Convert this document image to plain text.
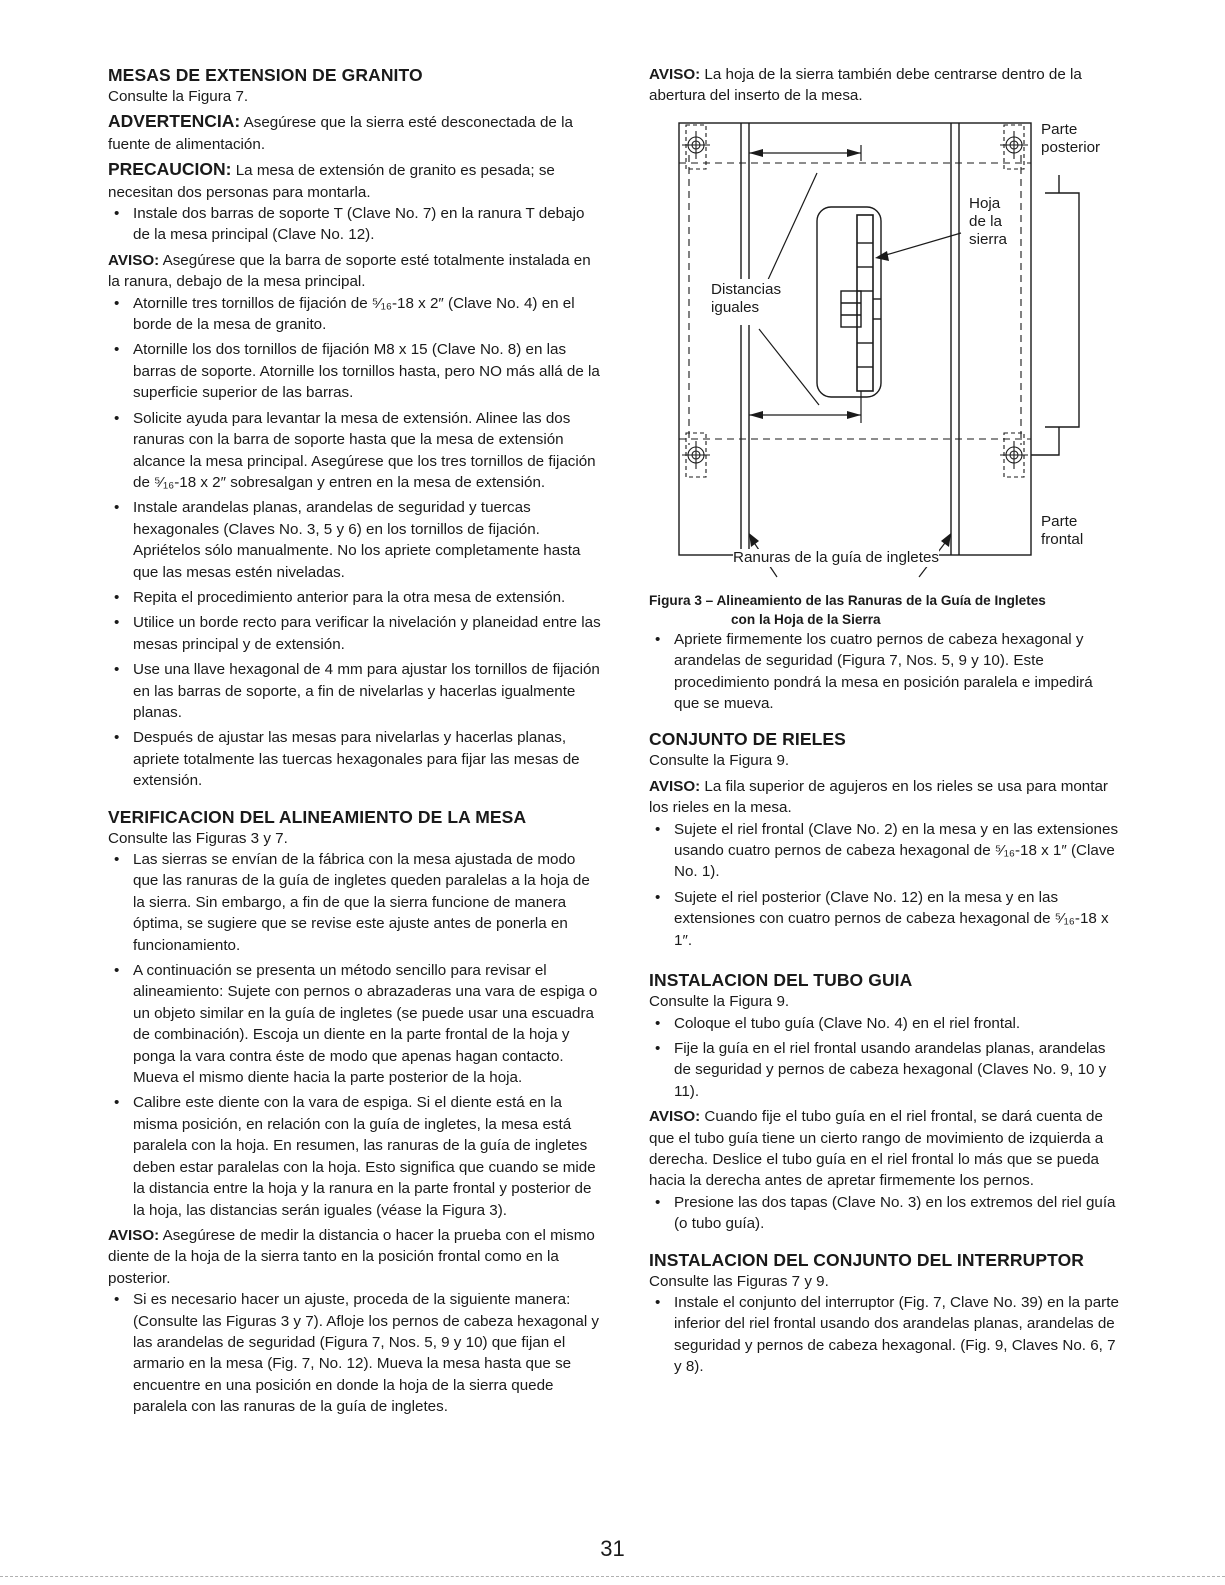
MESAS DE EXTENSION DE GRANITO

Consulte la Figura 7.

ADVERTENCIA: Asegúrese que la sierra esté desconectada de la fuente de alimentación.

PRECAUCION: La mesa de extensión de granito es pesada; se necesitan dos personas para montarla.

• Instale dos barras de soporte T (Clave No. 7) en la ranura T debajo de la mesa principal (Clave No. 12).

AVISO: Asegúrese que la barra de soporte esté totalmente instalada en la ranura, debajo de la mesa principal.

• Atornille tres tornillos de fijación de ⁵⁄₁₆-18 x 2″ (Clave No. 4) en el borde de la mesa de granito.
• Atornille los dos tornillos de fijación M8 x 15 (Clave No. 8) en las barras de soporte. Atornille los tornillos hasta, pero NO más allá de la superficie superior de las barras.
• Solicite ayuda para levantar la mesa de extensión. Alinee las dos ranuras con la barra de soporte hasta que la mesa de extensión alcance la mesa principal. Asegúrese que los tres tornillos de fijación de ⁵⁄₁₆-18 x 2″ sobresalgan y entren en la mesa de extensión.
• Instale arandelas planas, arandelas de seguridad y tuercas hexagonales (Claves No. 3, 5 y 6) en los tornillos de fijación. Apriételos sólo manualmente. No los apriete completamente hasta que las mesas estén niveladas.
• Repita el procedimiento anterior para la otra mesa de extensión.
• Utilice un borde recto para verificar la nivelación y planeidad entre las mesas principal y de extensión.
• Use una llave hexagonal de 4 mm para ajustar los tornillos de fijación en las barras de soporte, a fin de nivelarlas y hacerlas igualmente planas.
• Después de ajustar las mesas para nivelarlas y hacerlas planas, apriete totalmente las tuercas hexagonales para fijar las mesas de extensión.
VERIFICACION DEL ALINEAMIENTO DE LA MESA

Consulte las Figuras 3 y 7.

• Las sierras se envían de la fábrica con la mesa ajustada de modo que las ranuras de la guía de ingletes queden paralelas a la hoja de la sierra. Sin embargo, a fin de que la sierra funcione de manera óptima, se sugiere que se revise este ajuste antes de ponerla en funcionamiento.
• A continuación se presenta un método sencillo para revisar el alineamiento: Sujete con pernos o abrazaderas una vara de espiga o un objeto similar en la guía de ingletes (se puede usar una escuadra de combinación). Escoja un diente en la parte frontal de la hoja y ponga la vara contra éste de modo que apenas hagan contacto. Mueva el mismo diente hacia la parte posterior de la hoja.
• Calibre este diente con la vara de espiga. Si el diente está en la misma posición, en relación con la guía de ingletes, la mesa está paralela con la hoja. En resumen, las ranuras de la guía de ingletes deben estar paralelas con la hoja. Esto significa que cuando se mide la distancia entre la hoja y la ranura en la parte frontal y posterior de la hoja, las distancias serán iguales (véase la Figura 3).

AVISO: Asegúrese de medir la distancia o hacer la prueba con el mismo diente de la hoja de la sierra tanto en la posición frontal como en la posterior.

• Si es necesario hacer un ajuste, proceda de la siguiente manera: (Consulte las Figuras 3 y 7). Afloje los pernos de cabeza hexagonal y las arandelas de seguridad (Figura 7, Nos. 5, 9 y 10) que fijan el armario en la mesa (Fig. 7, No. 12). Mueva la mesa hasta que se encuentre en una posición en donde la hoja de la sierra quede paralela con las ranuras de la guía de ingletes.

AVISO: La hoja de la sierra también debe centrarse dentro de la abertura del inserto de la mesa.

Parte
posterior
Hoja
de la
sierra
Distancias
iguales
Parte
frontal
Ranuras de la guía de ingletes
Figura 3 – Alineamiento de las Ranuras de la Guía de Ingletes
con la Hoja de la Sierra
• Apriete firmemente los cuatro pernos de cabeza hexagonal y arandelas de seguridad (Figura 7, Nos. 5, 9 y 10). Este procedimiento pondrá la mesa en posición paralela e impedirá que se mueva.
CONJUNTO DE RIELES

Consulte la Figura 9.

AVISO: La fila superior de agujeros en los rieles se usa para montar los rieles en la mesa.

• Sujete el riel frontal (Clave No. 2) en la mesa y en las extensiones usando cuatro pernos de cabeza hexagonal de ⁵⁄₁₆-18 x 1″ (Clave No. 1).
• Sujete el riel posterior (Clave No. 12) en la mesa y en las extensiones con cuatro pernos de cabeza hexagonal de ⁵⁄₁₆-18 x 1″.
INSTALACION DEL TUBO GUIA

Consulte la Figura 9.

• Coloque el tubo guía (Clave No. 4) en el riel frontal.
• Fije la guía en el riel frontal usando arandelas planas, arandelas de seguridad y pernos de cabeza hexagonal (Claves No. 9, 10 y 11).

AVISO: Cuando fije el tubo guía en el riel frontal, se dará cuenta de que el tubo guía tiene un cierto rango de movimiento de izquierda a derecha. Deslice el tubo guía en el riel frontal lo más que se pueda hacia la derecha antes de apretar firmemente los pernos.

• Presione las dos tapas (Clave No. 3) en los extremos del riel guía (o tubo guía).
INSTALACION DEL CONJUNTO DEL INTERRUPTOR

Consulte las Figuras 7 y 9.

• Instale el conjunto del interruptor (Fig. 7, Clave No. 39) en la parte inferior del riel frontal usando dos arandelas planas, arandelas de seguridad y pernos de cabeza hexagonal. (Fig. 9, Claves No. 6, 7 y 8).
31
